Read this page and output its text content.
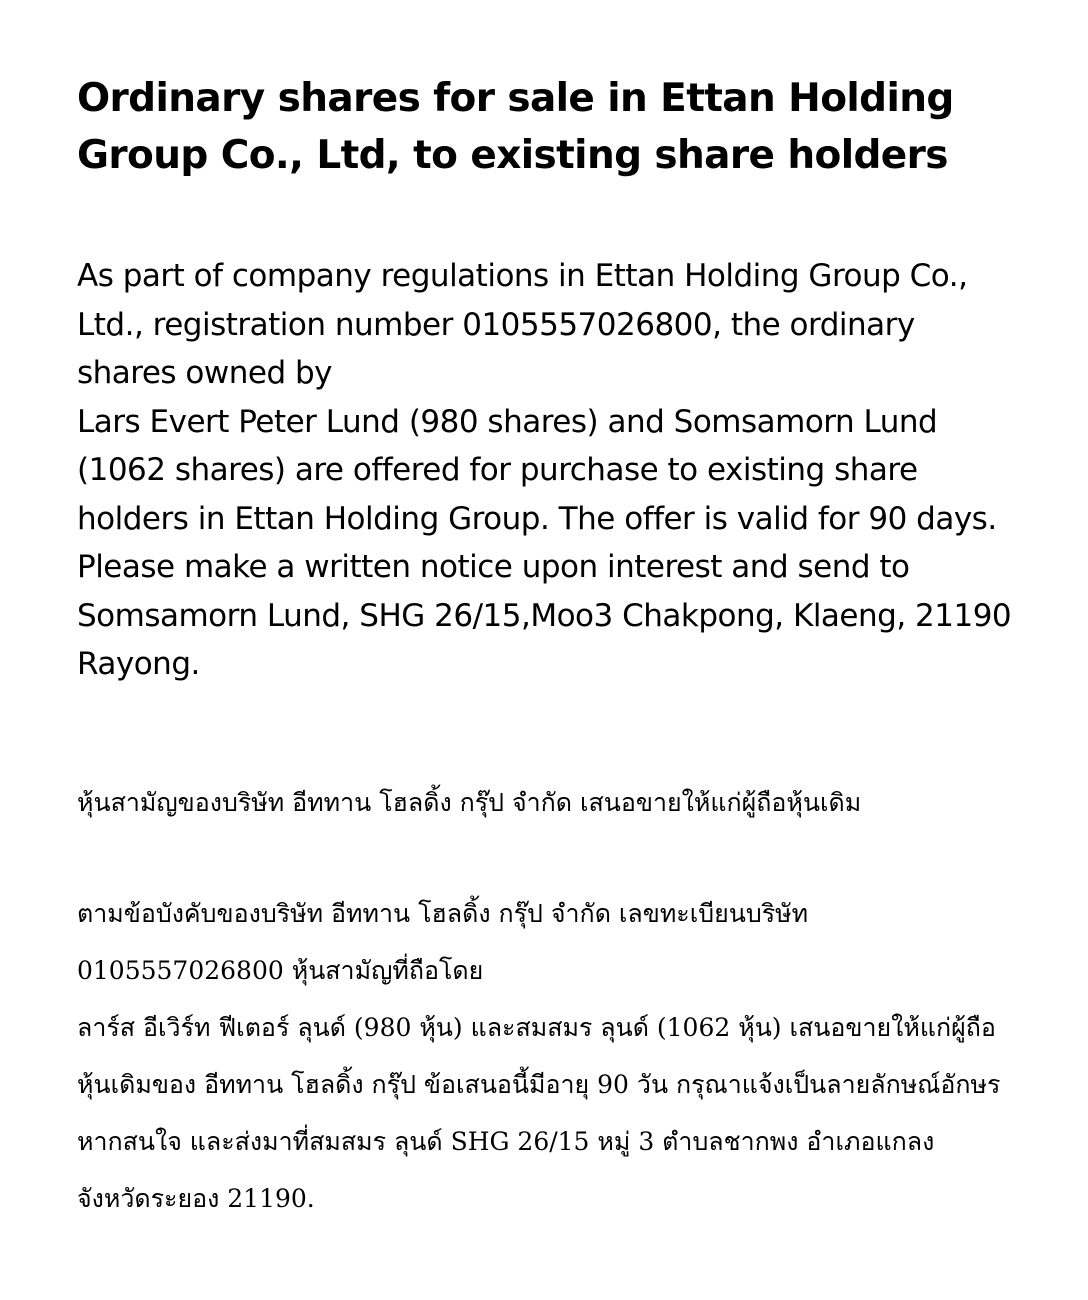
Ordinary shares for sale in Ettan Holding Group Co., Ltd, to existing share holders

As part of company regulations in Ettan Holding Group Co., Ltd., registration number 0105557026800, the ordinary shares owned by

Lars Evert Peter Lund (980 shares) and Somsamorn Lund (1062 shares) are offered for purchase to existing share holders in Ettan Holding Group. The offer is valid for 90 days. Please make a written notice upon interest and send to Somsamorn Lund, SHG 26/15,Moo3 Chakpong, Klaeng, 21190 Rayong.

หุ้นสามัญของบริษัท อีททาน โฮลดิ้ง กรุ๊ป จำกัด เสนอขายให้แก่ผู้ถือหุ้นเดิม

ตามข้อบังคับของบริษัท อีททาน โฮลดิ้ง กรุ๊ป จำกัด เลขทะเบียนบริษัท 0105557026800 หุ้นสามัญที่ถือโดย

ลาร์ส อีเวิร์ท ฟีเตอร์ ลุนด์ (980 หุ้น) และสมสมร ลุนด์ (1062 หุ้น) เสนอขายให้แก่ผู้ถือหุ้นเดิมของ อีททาน โฮลดิ้ง กรุ๊ป ข้อเสนอนี้มีอายุ 90 วัน กรุณาแจ้งเป็นลายลักษณ์อักษรหากสนใจ และส่งมาที่สมสมร ลุนด์ SHG 26/15 หมู่ 3 ตำบลชากพง อำเภอแกลง จังหวัดระยอง 21190.
